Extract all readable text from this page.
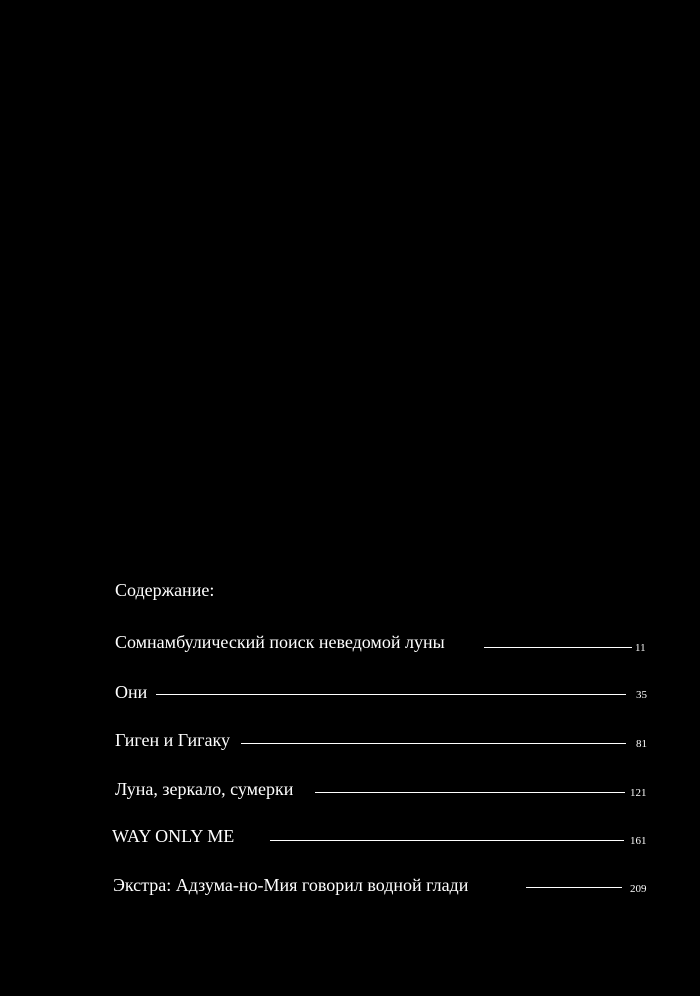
Содержание:
Сомнамбулический поиск неведомой луны	11
Они	35
Гиген и Гигаку	81
Луна, зеркало, сумерки	121
WAY ONLY ME	161
Экстра: Адзума-но-Мия говорил водной глади	209
